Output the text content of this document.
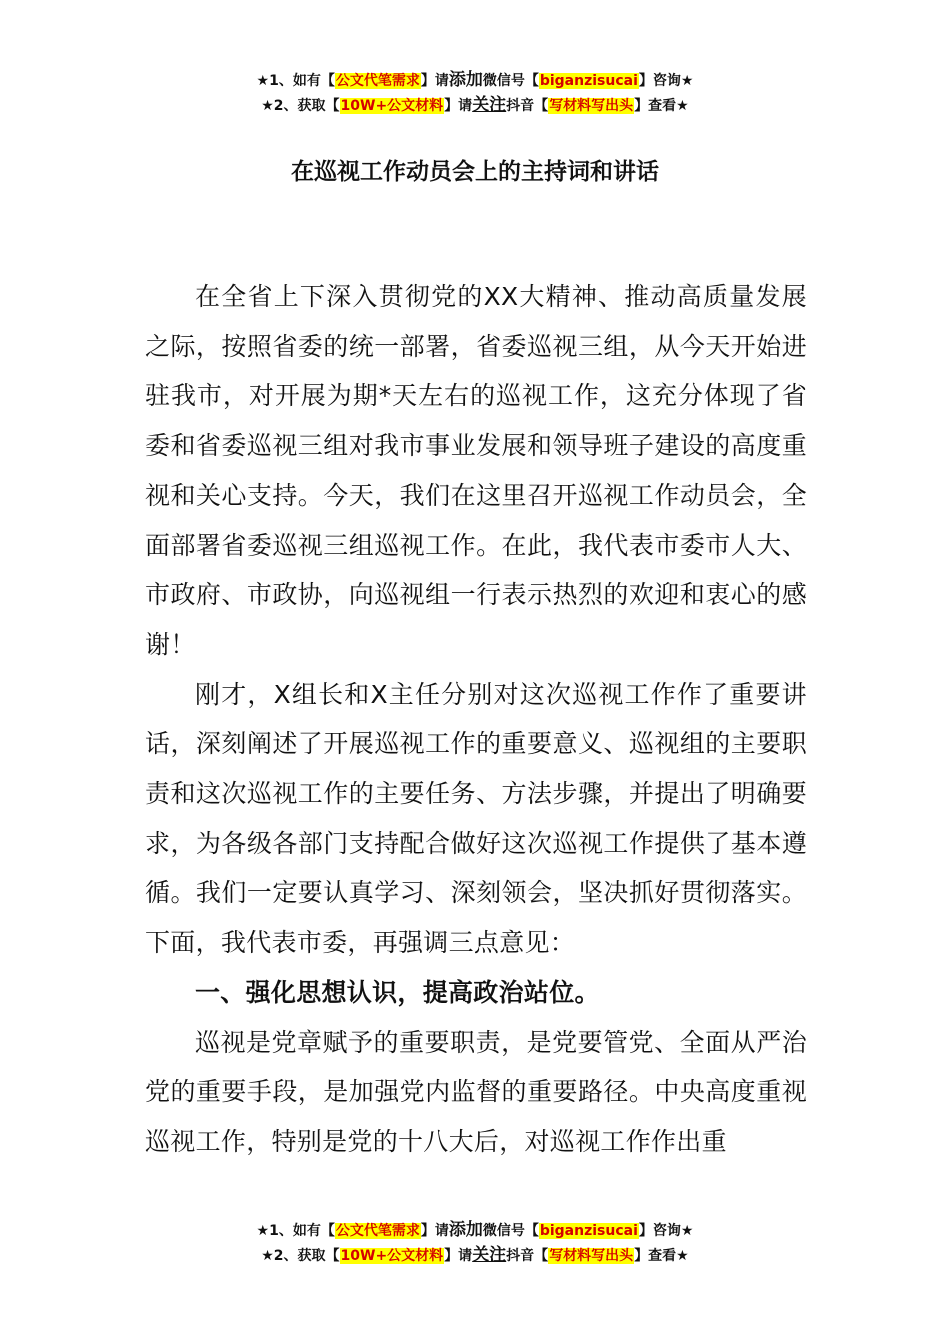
★1、如有【公文代笔需求】请添加微信号【biganzisucai】咨询★
★2、获取【10W+公文材料】请关注抖音【写材料写出头】查看★
在巡视工作动员会上的主持词和讲话

在全省上下深入贯彻党的XX大精神、推动高质量发展之际，按照省委的统一部署，省委巡视三组，从今天开始进驻我市，对开展为期*天左右的巡视工作，这充分体现了省委和省委巡视三组对我市事业发展和领导班子建设的高度重视和关心支持。今天，我们在这里召开巡视工作动员会，全面部署省委巡视三组巡视工作。在此，我代表市委市人大、市政府、市政协，向巡视组一行表示热烈的欢迎和衷心的感谢！

刚才，X组长和X主任分别对这次巡视工作作了重要讲话，深刻阐述了开展巡视工作的重要意义、巡视组的主要职责和这次巡视工作的主要任务、方法步骤，并提出了明确要求，为各级各部门支持配合做好这次巡视工作提供了基本遵循。我们一定要认真学习、深刻领会，坚决抓好贯彻落实。下面，我代表市委，再强调三点意见：

一、强化思想认识，提高政治站位。

巡视是党章赋予的重要职责，是党要管党、全面从严治党的重要手段，是加强党内监督的重要路径。中央高度重视巡视工作，特别是党的十八大后，对巡视工作作出重

★1、如有【公文代笔需求】请添加微信号【biganzisucai】咨询★
★2、获取【10W+公文材料】请关注抖音【写材料写出头】查看★
